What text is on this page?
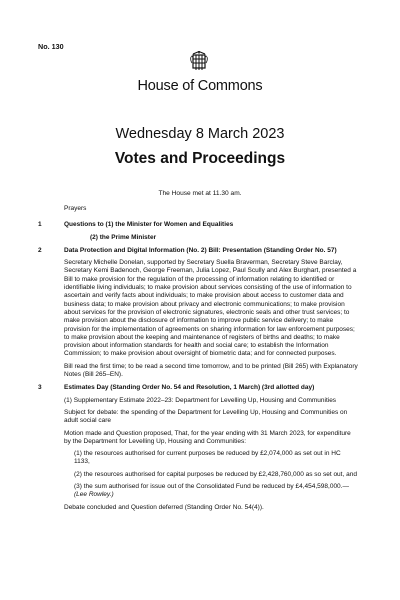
No. 130
House of Commons
Wednesday 8 March 2023
Votes and Proceedings
The House met at 11.30 am.
Prayers
1	Questions to (1) the Minister for Women and Equalities
(2) the Prime Minister
2	Data Protection and Digital Information (No. 2) Bill: Presentation (Standing Order No. 57)

Secretary Michelle Donelan, supported by Secretary Suella Braverman, Secretary Steve Barclay, Secretary Kemi Badenoch, George Freeman, Julia Lopez, Paul Scully and Alex Burghart, presented a Bill to make provision for the regulation of the processing of information relating to identified or identifiable living individuals; to make provision about services consisting of the use of information to ascertain and verify facts about individuals; to make provision about access to customer data and business data; to make provision about privacy and electronic communications; to make provision about services for the provision of electronic signatures, electronic seals and other trust services; to make provision about the disclosure of information to improve public service delivery; to make provision for the implementation of agreements on sharing information for law enforcement purposes; to make provision about the keeping and maintenance of registers of births and deaths; to make provision about information standards for health and social care; to establish the Information Commission; to make provision about oversight of biometric data; and for connected purposes.

Bill read the first time; to be read a second time tomorrow, and to be printed (Bill 265) with Explanatory Notes (Bill 265–EN).

3	Estimates Day (Standing Order No. 54 and Resolution, 1 March) (3rd allotted day)

(1) Supplementary Estimate 2022–23: Department for Levelling Up, Housing and Communities

Subject for debate: the spending of the Department for Levelling Up, Housing and Communities on adult social care

Motion made and Question proposed, That, for the year ending with 31 March 2023, for expenditure by the Department for Levelling Up, Housing and Communities:

(1) the resources authorised for current purposes be reduced by £2,074,000 as set out in HC 1133,

(2) the resources authorised for capital purposes be reduced by £2,428,760,000 as so set out, and

(3) the sum authorised for issue out of the Consolidated Fund be reduced by £4,454,598,000.—(Lee Rowley.)

Debate concluded and Question deferred (Standing Order No. 54(4)).
